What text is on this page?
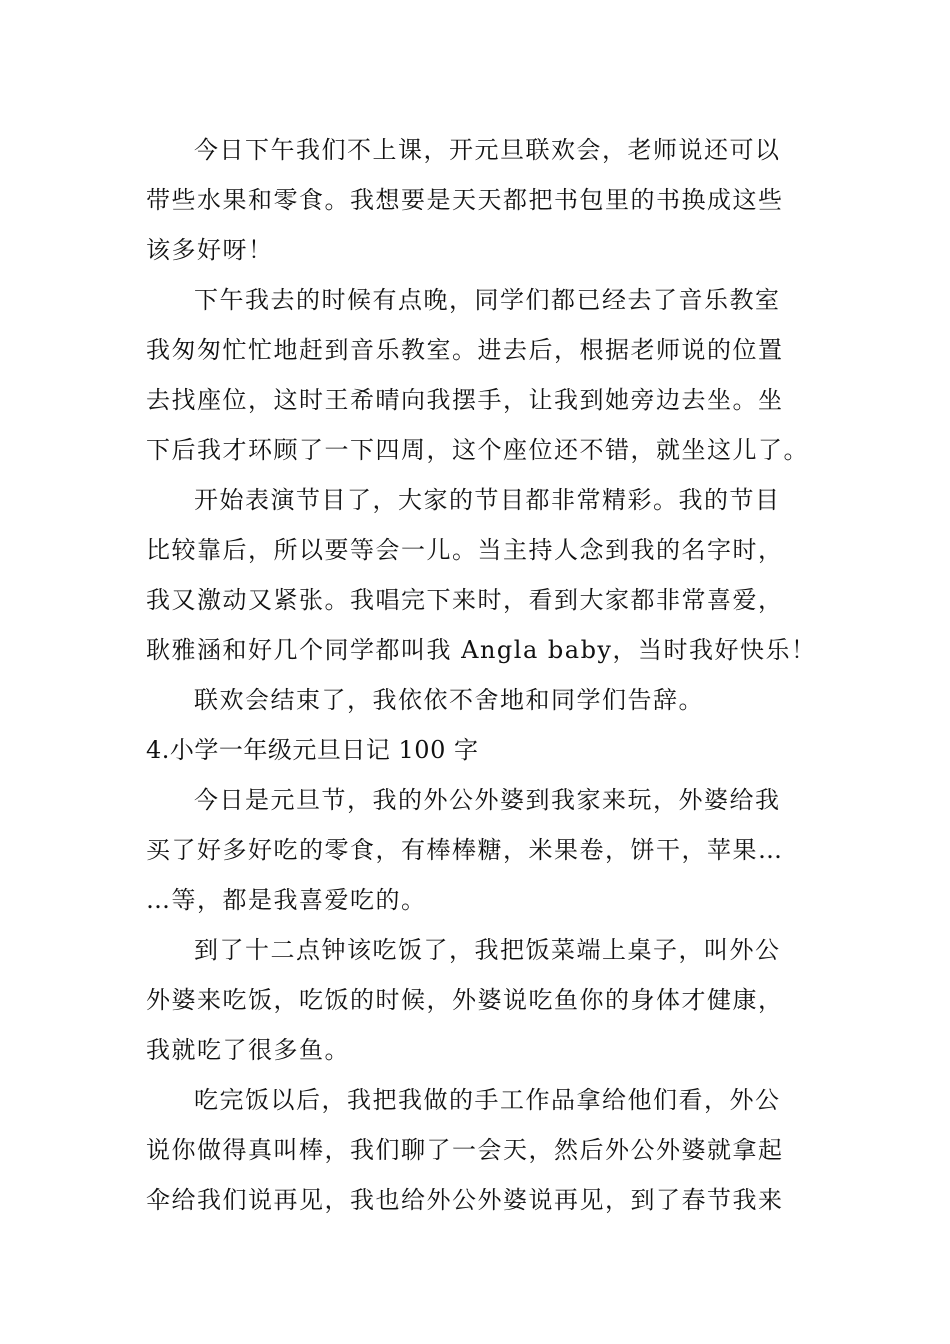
今日下午我们不上课，开元旦联欢会，老师说还可以
带些水果和零食。我想要是天天都把书包里的书换成这些
该多好呀！
下午我去的时候有点晚，同学们都已经去了音乐教室
我匆匆忙忙地赶到音乐教室。进去后，根据老师说的位置
去找座位，这时王希晴向我摆手，让我到她旁边去坐。坐
下后我才环顾了一下四周，这个座位还不错，就坐这儿了。
开始表演节目了，大家的节目都非常精彩。我的节目
比较靠后，所以要等会一儿。当主持人念到我的名字时，
我又激动又紧张。我唱完下来时，看到大家都非常喜爱，
耿雅涵和好几个同学都叫我 Angla baby，当时我好快乐！
联欢会结束了，我依依不舍地和同学们告辞。
4.小学一年级元旦日记 100 字
今日是元旦节，我的外公外婆到我家来玩，外婆给我
买了好多好吃的零食，有棒棒糖，米果卷，饼干，苹果…
…等，都是我喜爱吃的。
到了十二点钟该吃饭了，我把饭菜端上桌子，叫外公
外婆来吃饭，吃饭的时候，外婆说吃鱼你的身体才健康，
我就吃了很多鱼。
吃完饭以后，我把我做的手工作品拿给他们看，外公
说你做得真叫棒，我们聊了一会天，然后外公外婆就拿起
伞给我们说再见，我也给外公外婆说再见，到了春节我来
